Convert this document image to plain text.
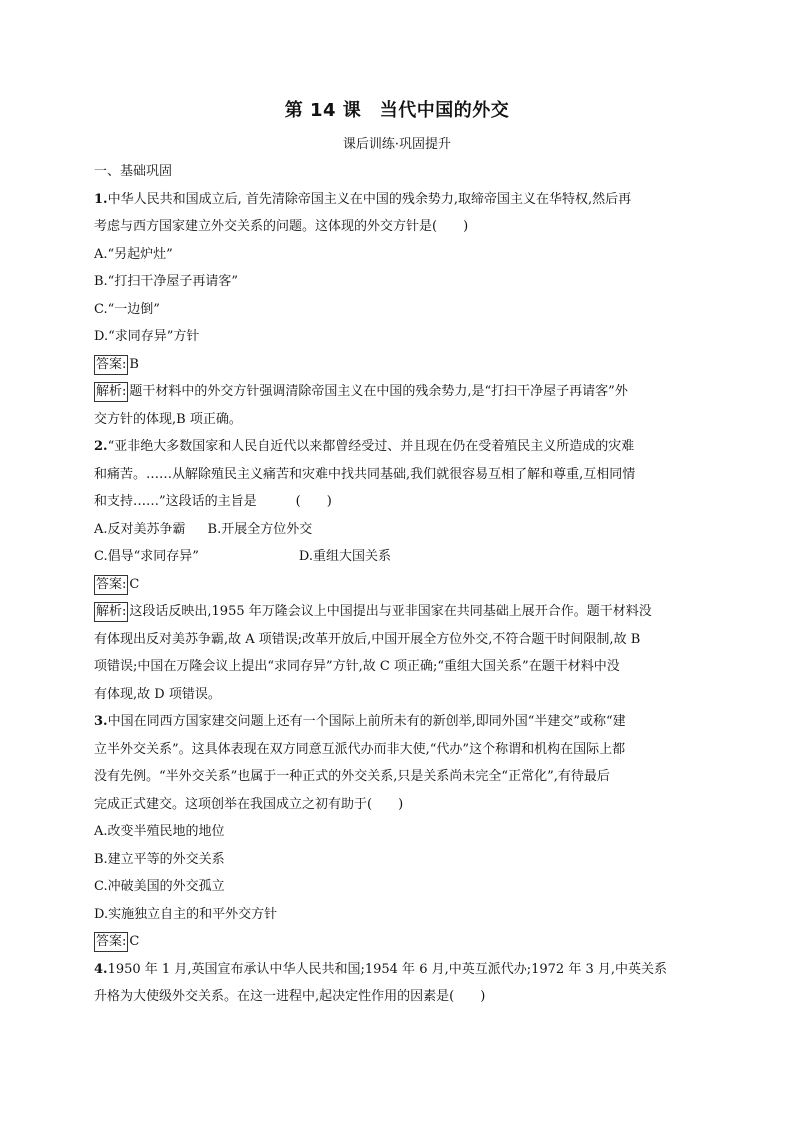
第 14 课　当代中国的外交
课后训练·巩固提升
一、基础巩固
1.中华人民共和国成立后, 首先清除帝国主义在中国的残余势力,取缔帝国主义在华特权,然后再
考虑与西方国家建立外交关系的问题。这体现的外交方针是(　　)
A.“另起炉灶”
B.“打扫干净屋子再请客”
C.“一边倒”
D.“求同存异”方针
答案: B
解析: 题干材料中的外交方针强调清除帝国主义在中国的残余势力,是“打扫干净屋子再请客”外
交方针的体现,B 项正确。
2.“亚非绝大多数国家和人民自近代以来都曾经受过、并且现在仍在受着殖民主义所造成的灾难
和痛苦。……从解除殖民主义痛苦和灾难中找共同基础,我们就很容易互相了解和尊重,互相同情
和支持……”这段话的主旨是　　　(　　)
A.反对美苏争霸 B.开展全方位外交
C.倡导“求同存异”	D.重组大国关系
答案: C
解析: 这段话反映出,1955 年万隆会议上中国提出与亚非国家在共同基础上展开合作。题干材料没
有体现出反对美苏争霸,故 A 项错误;改革开放后,中国开展全方位外交,不符合题干时间限制,故 B
项错误;中国在万隆会议上提出“求同存异”方针,故 C 项正确;“重组大国关系”在题干材料中没
有体现,故 D 项错误。
3.中国在同西方国家建交问题上还有一个国际上前所未有的新创举,即同外国“半建交”或称“建
立半外交关系”。这具体表现在双方同意互派代办而非大使,“代办”这个称谓和机构在国际上都
没有先例。“半外交关系”也属于一种正式的外交关系,只是关系尚未完全“正常化”,有待最后
完成正式建交。这项创举在我国成立之初有助于(　　)
A.改变半殖民地的地位
B.建立平等的外交关系
C.冲破美国的外交孤立
D.实施独立自主的和平外交方针
答案: C
4.1950 年 1 月,英国宣布承认中华人民共和国;1954 年 6 月,中英互派代办;1972 年 3 月,中英关系
升格为大使级外交关系。在这一进程中,起决定性作用的因素是(　　)
